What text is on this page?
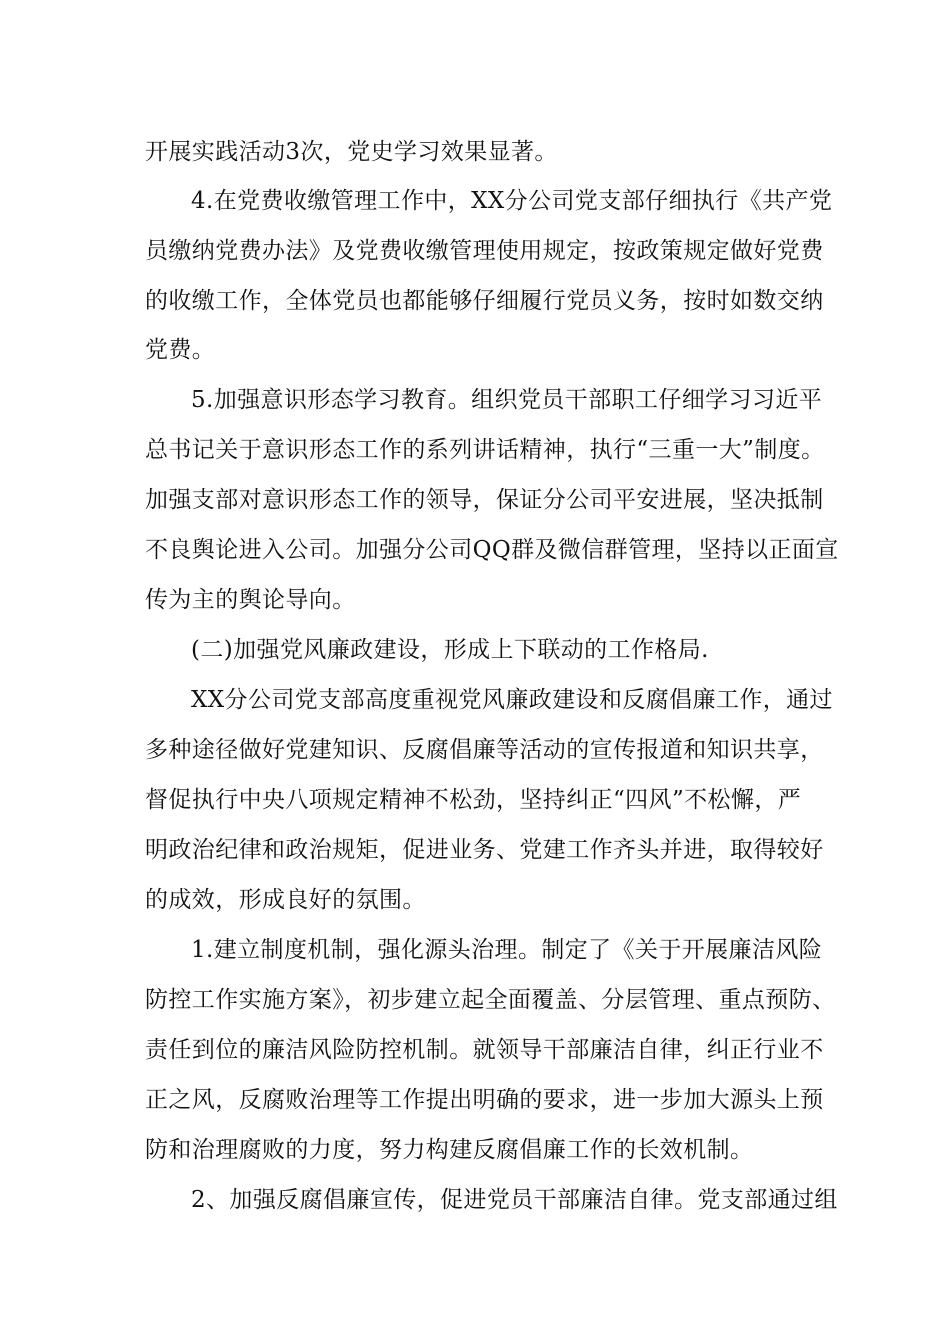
开展实践活动3次，党史学习效果显著。
4.在党费收缴管理工作中，XX分公司党支部仔细执行《共产党
员缴纳党费办法》及党费收缴管理使用规定，按政策规定做好党费
的收缴工作，全体党员也都能够仔细履行党员义务，按时如数交纳
党费。
5.加强意识形态学习教育。组织党员干部职工仔细学习习近平
总书记关于意识形态工作的系列讲话精神，执行“三重一大”制度。
加强支部对意识形态工作的领导，保证分公司平安进展，坚决抵制
不良舆论进入公司。加强分公司QQ群及微信群管理，坚持以正面宣
传为主的舆论导向。
(二)加强党风廉政建设，形成上下联动的工作格局.
XX分公司党支部高度重视党风廉政建设和反腐倡廉工作，通过
多种途径做好党建知识、反腐倡廉等活动的宣传报道和知识共享，
督促执行中央八项规定精神不松劲，坚持纠正“四风”不松懈，严
明政治纪律和政治规矩，促进业务、党建工作齐头并进，取得较好
的成效，形成良好的氛围。
1.建立制度机制，强化源头治理。制定了《关于开展廉洁风险
防控工作实施方案》，初步建立起全面覆盖、分层管理、重点预防、
责任到位的廉洁风险防控机制。就领导干部廉洁自律，纠正行业不
正之风，反腐败治理等工作提出明确的要求，进一步加大源头上预
防和治理腐败的力度，努力构建反腐倡廉工作的长效机制。
2、加强反腐倡廉宣传，促进党员干部廉洁自律。党支部通过组
